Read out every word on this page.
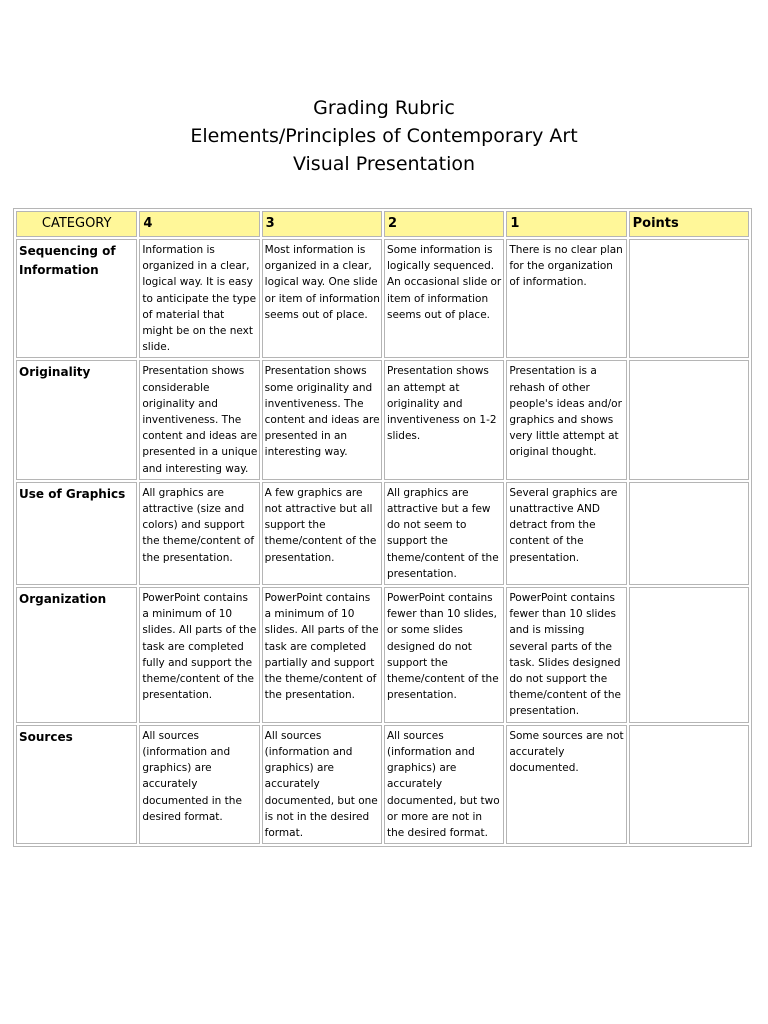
Grading Rubric

Elements/Principles of Contemporary Art

Visual Presentation

CATEGORY	4	3	2	1	Points
Sequencing of Information	Information is organized in a clear, logical way. It is easy to anticipate the type of material that might be on the next slide.	Most information is organized in a clear, logical way. One slide or item of information seems out of place.	Some information is logically sequenced. An occasional slide or item of information seems out of place.	There is no clear plan for the organization of information.	
Originality	Presentation shows considerable originality and inventiveness. The content and ideas are presented in a unique and interesting way.	Presentation shows some originality and inventiveness. The content and ideas are presented in an interesting way.	Presentation shows an attempt at originality and inventiveness on 1-2 slides.	Presentation is a rehash of other people's ideas and/or graphics and shows very little attempt at original thought.	
Use of Graphics	All graphics are attractive (size and colors) and support the theme/content of the presentation.	A few graphics are not attractive but all support the theme/content of the presentation.	All graphics are attractive but a few do not seem to support the theme/content of the presentation.	Several graphics are unattractive AND detract from the content of the presentation.	
Organization	PowerPoint contains a minimum of 10 slides. All parts of the task are completed fully and support the theme/content of the presentation.	PowerPoint contains a minimum of 10 slides. All parts of the task are completed partially and support the theme/content of the presentation.	PowerPoint contains fewer than 10 slides, or some slides designed do not support the theme/content of the presentation.	PowerPoint contains fewer than 10 slides and is missing several parts of the task. Slides designed do not support the theme/content of the presentation.	
Sources	All sources (information and graphics) are accurately documented in the desired format.	All sources (information and graphics) are accurately documented, but one is not in the desired format.	All sources (information and graphics) are accurately documented, but two or more are not in the desired format.	Some sources are not accurately documented.	
